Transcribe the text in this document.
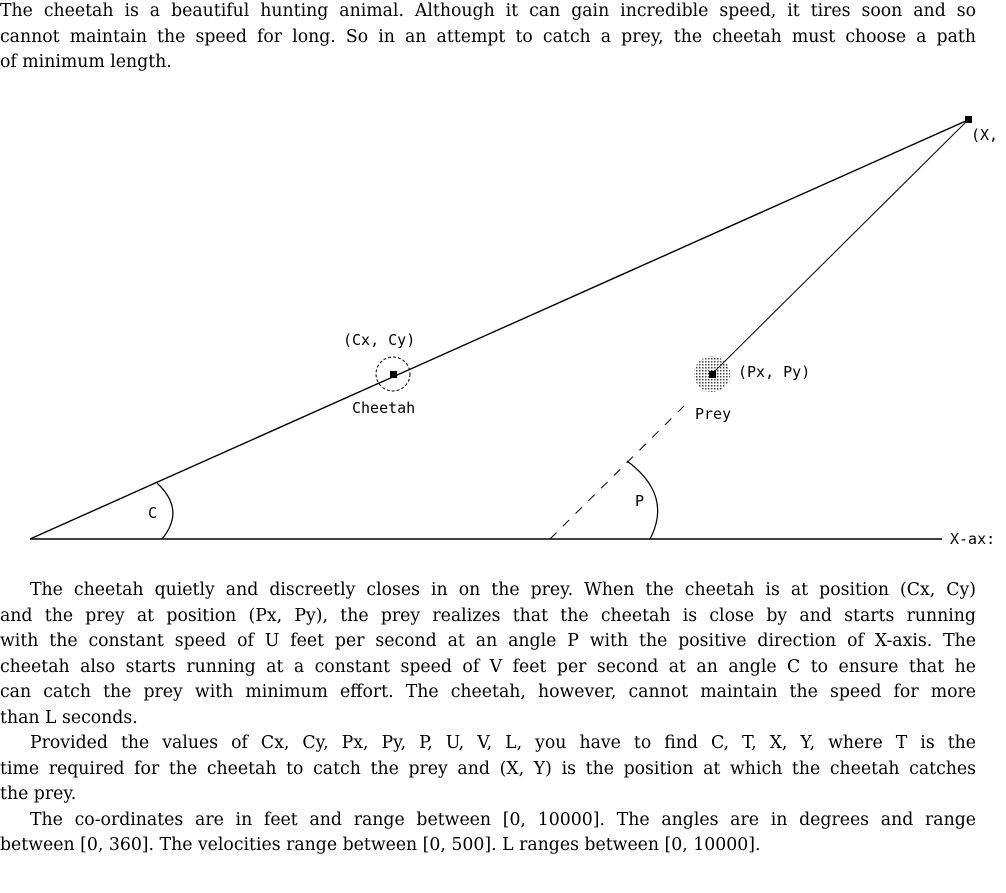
The cheetah is a beautiful hunting animal. Although it can gain incredible speed, it tires soon and so
cannot maintain the speed for long. So in an attempt to catch a prey, the cheetah must choose a path
of minimum length.
X-ax:
(X,
(Cx, Cy)
Cheetah
(Px, Py)
Prey
C
P
The cheetah quietly and discreetly closes in on the prey. When the cheetah is at position (Cx, Cy)
and the prey at position (Px, Py), the prey realizes that the cheetah is close by and starts running
with the constant speed of U feet per second at an angle P with the positive direction of X-axis. The
cheetah also starts running at a constant speed of V feet per second at an angle C to ensure that he
can catch the prey with minimum effort. The cheetah, however, cannot maintain the speed for more
than L seconds.
Provided the values of Cx, Cy, Px, Py, P, U, V, L, you have to find C, T, X, Y, where T is the
time required for the cheetah to catch the prey and (X, Y) is the position at which the cheetah catches
the prey.
The co-ordinates are in feet and range between [0, 10000]. The angles are in degrees and range
between [0, 360]. The velocities range between [0, 500]. L ranges between [0, 10000].
